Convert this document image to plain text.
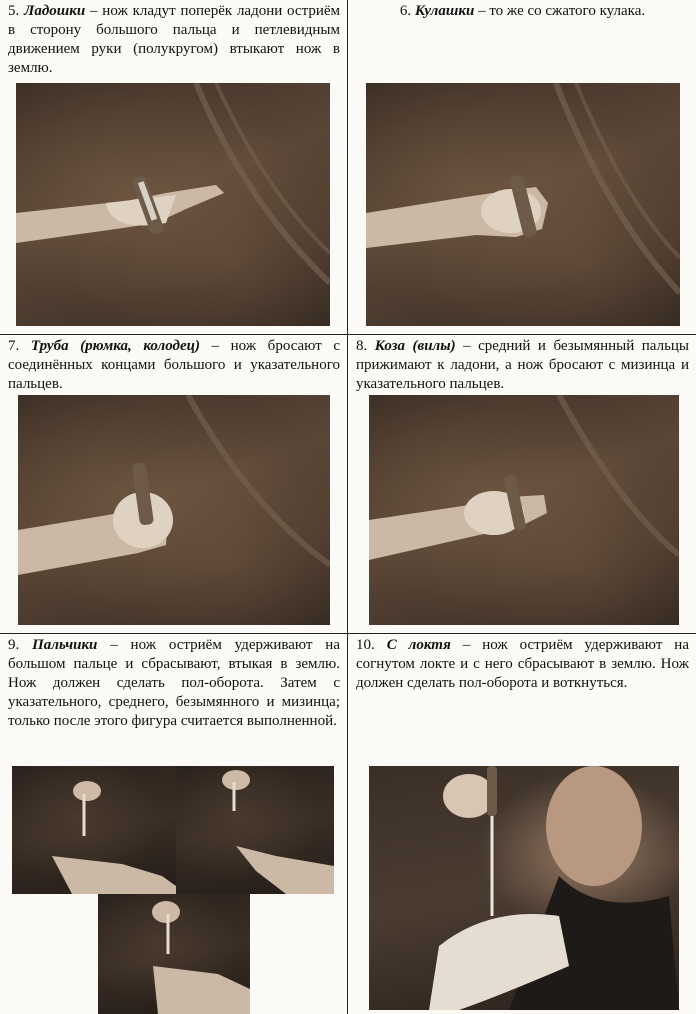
5. Ладошки – нож кладут поперёк ладони остриём в сторону большого пальца и петлевидным движением руки (полукругом) втыкают нож в землю.
6. Кулашки – то же со сжатого кулака.
7. Труба (рюмка, колодец) – нож бросают с соединённых концами большого и указательного пальцев.
8. Коза (вилы) – средний и безымянный пальцы прижимают к ладони, а нож бросают с мизинца и указательного пальцев.
9. Пальчики – нож остриём удерживают на большом пальце и сбрасывают, втыкая в землю. Нож должен сделать пол-оборота. Затем с указательного, среднего, безымянного и мизинца; только после этого фигура считается выполненной.
10. С локтя – нож остриём удерживают на согнутом локте и с него сбрасывают в землю. Нож должен сделать пол-оборота и воткнуться.
